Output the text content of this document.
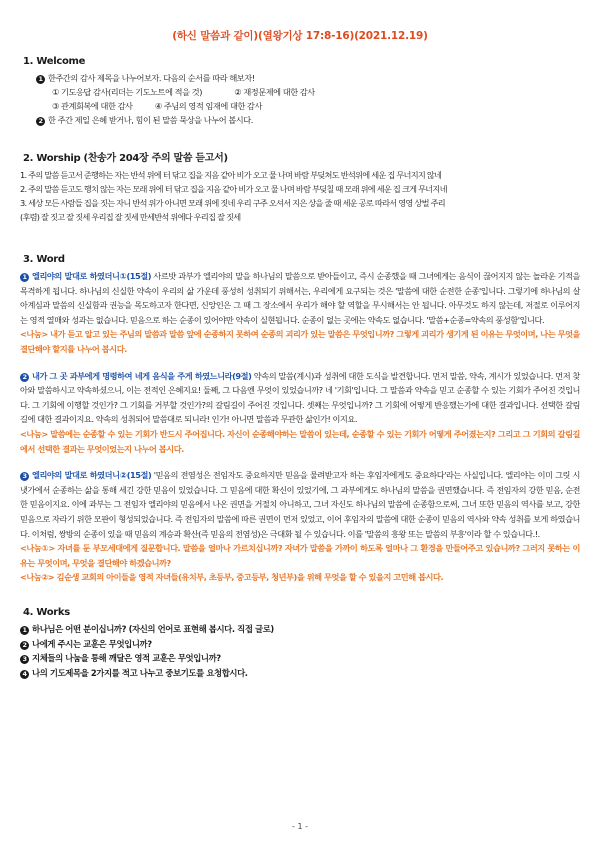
(하신 말씀과 같이)(열왕기상 17:8-16)(2021.12.19)
1. Welcome
1 한주간의 감사 제목을 나누어보자. 다음의 순서를 따라 해보자!
① 기도응답 감사(리더는 기도노트에 적을 것)	② 재정문제에 대한 감사
③ 관계회복에 대한 감사	④ 주님의 영적 임재에 대한 감사
2 한 주간 제일 은혜 받거나, 힘이 된 말씀 묵상을 나누어 봅시다.
2. Worship (찬송가 204장 주의 말씀 듣고서)
1. 주의 말씀 듣고서 준행하는 자는 반석 위에 터 닦고 집을 지음 같아 비가 오고 물 나며 바람 부딪쳐도 반석위에 세운 집 무너지지 않네
2. 주의 말씀 듣고도 행치 않는 자는 모래 위에 터 닦고 집을 지음 같아 비가 오고 물 나며 바람 부딪칠 때 모래 위에 세운 집 크게 무너지네
3. 세상 모든 사람들 집을 짓는 자니 반석 위가 아니면 모래 위에 짓네 우리 구주 오셔서 지은 상을 줄 때 세운 공로 따라서 영영 상벌 주리
(후렴) 잘 짓고 잘 짓세 우리집 잘 짓세 만세반석 위에다 우리집 잘 짓세
3. Word
1 엘리야의 말대로 하였더니①(15절) 사르밧 과부가 엘리야의 말을 하나님의 말씀으로 받아들이고, 즉시 순종했을 때 그녀에게는 음식이 끊어지지 않는 놀라운 기적을 목격하게 됩니다. 하나님의 신실한 약속이 우리의 삶 가운데 풍성히 성취되기 위해서는, 우리에게 요구되는 것은 '말씀에 대한 순전한 순종'입니다. 그렇기에 하나님의 살아계심과 말씀의 신실함과 권능을 목도하고자 한다면, 신앙인은 그 때 그 장소에서 우리가 해야 할 역할을 무시해서는 안 됩니다. 아무것도 하지 않는데, 저절로 이루어지는 영적 열매와 성과는 없습니다. 믿음으로 하는 순종이 있어야만 약속이 실현됩니다. 순종이 없는 곳에는 약속도 없습니다. '말씀+순종=약속의 풍성함'입니다.
<나눔> 내가 듣고 알고 있는 주님의 말씀과 말씀 앞에 순종하지 못하여 순종의 괴리가 있는 말씀은 무엇입니까? 그렇게 괴리가 생기게 된 이유는 무엇이며, 나는 무엇을 결단해야 할지를 나누어 봅시다.
2 내가 그 곳 과부에게 명령하여 네게 음식을 주게 하였느니라(9절) 약속의 말씀(계시)과 성취에 대한 도식을 발견합니다. 먼저 말씀, 약속, 계시가 있었습니다. 먼저 찾아와 말씀하시고 약속하셨으니, 이는 전적인 은혜지요! 둘째, 그 다음엔 무엇이 있었습니까? 네 '기회'입니다. 그 말씀과 약속을 믿고 순종할 수 있는 기회가 주어진 것입니다. 그 기회에 이행할 것인가? 그 기회를 거부할 것인가?의 갈림길이 주어진 것입니다. 셋째는 무엇입니까? 그 기회에 어떻게 반응했는가에 대한 결과입니다. 선택한 갈림길에 대한 결과이지요. 약속의 성취되어 말씀대로 되니라! 인가! 아니면 말씀과 무관한 삶인가! 이지요.
<나눔> 말씀에는 순종할 수 있는 기회가 반드시 주어집니다. 자신이 순종해야하는 말씀이 있는데, 순종할 수 있는 기회가 어떻게 주어졌는지? 그리고 그 기회의 갈림길에서 선택한 결과는 무엇이었는지 나누어 봅시다.
3 엘리야의 말대로 하였더니②(15절) '믿음의 전염성은 전임자도 중요하지만 믿음을 물려받고자 하는 후임자에게도 중요하다'라는 사실입니다. 엘리야는 이미 그릿 시냇가에서 순종하는 삶을 통해 세긴 강한 믿음이 있었습니다. 그 믿음에 대한 확신이 있었기에, 그 과부에게도 하나님의 말씀을 권면했습니다. 즉 전임자의 강한 믿음, 순전한 믿음이지요. 이에 과부는 그 전임자 엘리야의 믿음에서 나온 권면을 거절치 아니하고, 그녀 자신도 하나님의 말씀에 순종함으로써, 그녀 또한 믿음의 역사를 보고, 강한 믿음으로 자라기 위한 모판이 형성되었습니다. 즉 전임자의 말씀에 따른 권면이 먼저 있었고, 이어 후임자의 말씀에 대한 순종이 믿음의 역사와 약속 성취를 보게 하였습니다. 이처럼, 쌍방의 순종이 있을 때 믿음의 계승과 확산(즉 믿음의 전염성)은 극대화 될 수 있습니다. 이를 '말씀의 흥왕 또는 말씀의 부흥'이라 할 수 있습니다.!.
<나눔①> 자녀를 둔 부모세대에게 질문합니다. 말씀을 얼마나 가르치십니까? 자녀가 말씀을 가까이 하도록 얼마나 그 환경을 만들어주고 있습니까? 그러지 못하는 이유는 무엇이며, 무엇을 결단해야 하겠습니까?
<나눔②> 김순생 교회의 아이들을 영적 자녀들(유치부, 초등부, 중고등부, 청년부)을 위해 무엇을 할 수 있을지 고민해 봅시다.
4. Works
1 하나님은 어떤 분이십니까? (자신의 언어로 표현해 봅시다. 직접 글로)
2 나에게 주시는 교훈은 무엇입니까?
3 지체들의 나눔을 통해 깨달은 영적 교훈은 무엇입니까?
4 나의 기도제목을 2가지를 적고 나누고 중보기도를 요청합시다.
- 1 -
